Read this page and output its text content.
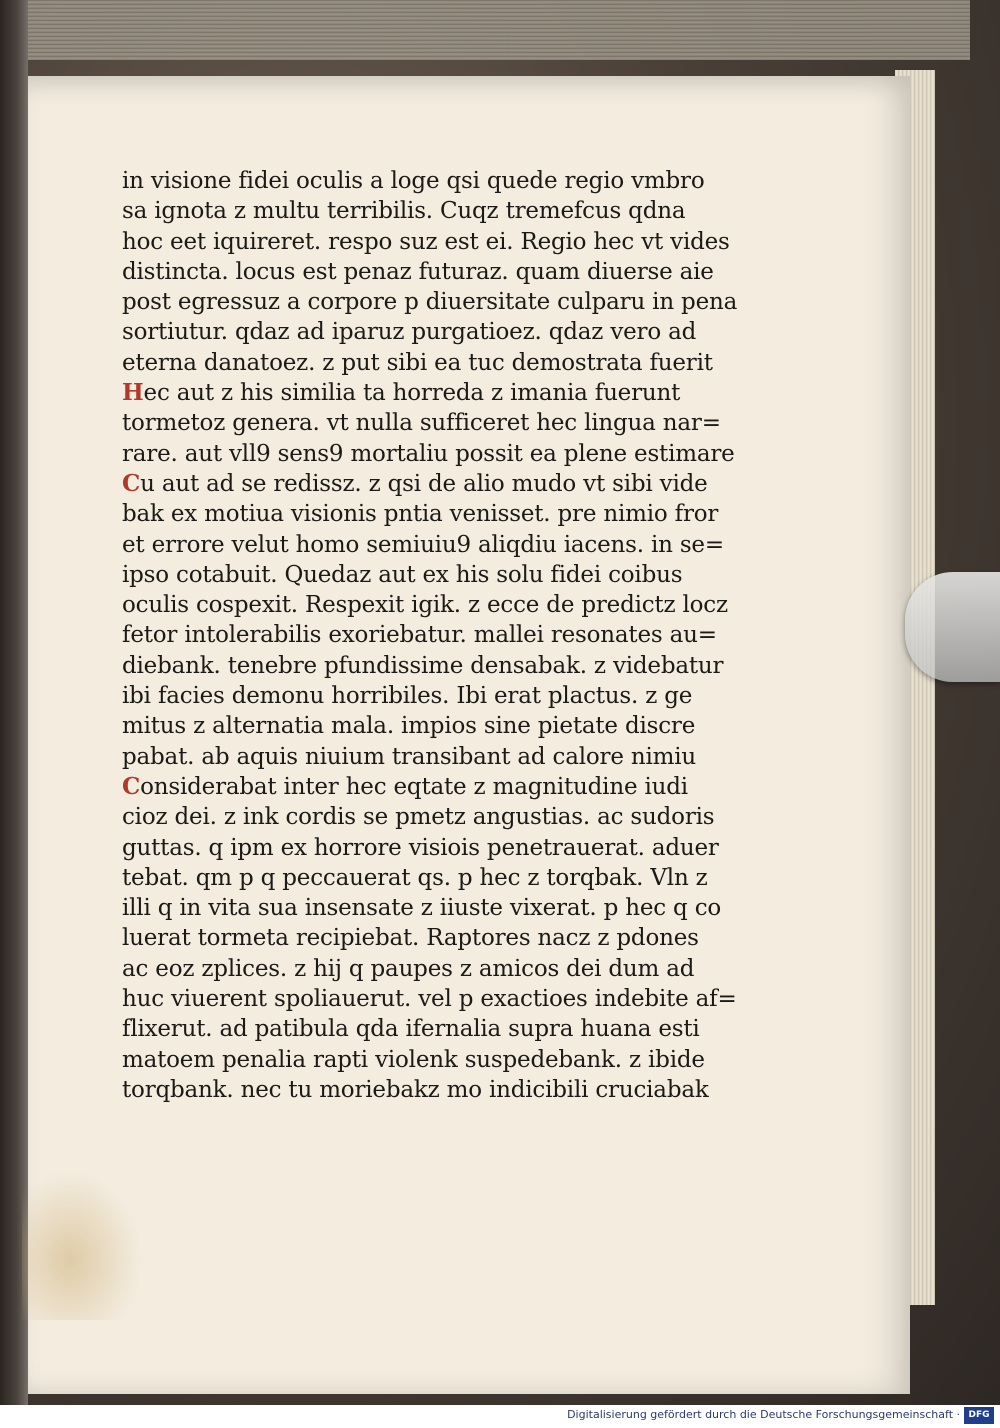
in visione fidei oculis a loge qsi quede regio vmbro
sa ignota z multu terribilis. Cuqz tremefcus qdna
hoc eet iquireret. respo suz est ei. Regio hec vt vides
distincta. locus est penaz futuraz. quam diuerse aie
post egressuz a corpore p diuersitate culparu in pena
sortiutur. qdaz ad iparuz purgatioez. qdaz vero ad
eterna danatoez. z put sibi ea tuc demostrata fuerit
Hec aut z his similia ta horreda z imania fuerunt
tormetoz genera. vt nulla sufficeret hec lingua nar=
rare. aut vll9 sens9 mortaliu possit ea plene estimare
Cu aut ad se redissz. z qsi de alio mudo vt sibi vide
bak ex motiua visionis pntia venisset. pre nimio fror
et errore velut homo semiuiu9 aliqdiu iacens. in se=
ipso cotabuit. Quedaz aut ex his solu fidei coibus
oculis cospexit. Respexit igik. z ecce de predictz locz
fetor intolerabilis exoriebatur. mallei resonates au=
diebank. tenebre pfundissime densabak. z videbatur
ibi facies demonu horribiles. Ibi erat plactus. z ge
mitus z alternatia mala. impios sine pietate discre
pabat. ab aquis niuium transibant ad calore nimiu
Considerabat inter hec eqtate z magnitudine iudi
cioz dei. z ink cordis se pmetz angustias. ac sudoris
guttas. q ipm ex horrore visiois penetrauerat. aduer
tebat. qm p q peccauerat qs. p hec z torqbak. Vln z
illi q in vita sua insensate z iiuste vixerat. p hec q co
luerat tormeta recipiebat. Raptores nacz z pdones
ac eoz zplices. z hij q paupes z amicos dei dum ad
huc viuerent spoliauerut. vel p exactioes indebite af=
flixerut. ad patibula qda ifernalia supra huana esti
matoem penalia rapti violenk suspedebank. z ibide
torqbank. nec tu moriebakz mo indicibili cruciabak
Digitalisierung gefördert durch die Deutsche Forschungsgemeinschaft · DFG
